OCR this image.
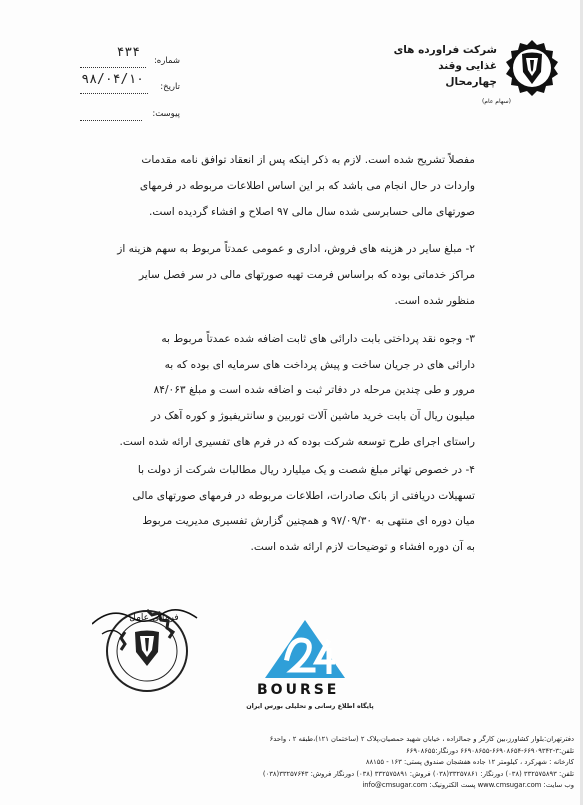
شرکت فراورده های
غذایی وقند
چهارمحال
(سهام عام)
شماره:
تاریخ:
پیوست:
۴۳۴
۹۸/۰۴/۱۰

مفصلاً تشریح شده است. لازم به ذکر اینکه پس از انعقاد توافق نامه مقدمات

واردات در حال انجام می باشد که بر این اساس اطلاعات مربوطه در فرمهای

صورتهای مالی حسابرسی شده سال مالی ۹۷ اصلاح و افشاء گردیده است.

۲- مبلغ سایر در هزینه های فروش، اداری و عمومی عمدتاً مربوط به سهم هزینه از

مراکز خدماتی بوده که براساس فرمت تهیه صورتهای مالی در سر فصل سایر

منظور شده است.

۳- وجوه نقد پرداختی بابت دارائی های ثابت اضافه شده عمدتاً مربوط به

دارائی های در جریان ساخت و پیش پرداخت های سرمایه ای بوده که به

مرور و طی چندین مرحله در دفاتر ثبت و اضافه شده است و مبلغ ۸۴/۰۶۳

میلیون ریال آن بابت خرید ماشین آلات توربین و سانتریفیوژ و کوره آهک در

راستای اجرای طرح توسعه شرکت بوده که در فرم های تفسیری ارائه شده است.

۴- در خصوص تهاتر مبلغ شصت و یک میلیارد ریال مطالبات شرکت از دولت با

تسهیلات دریافتی از بانک صادرات، اطلاعات مربوطه در فرمهای صورتهای مالی

میان دوره ای منتهی به ۹۷/۰۹/۳۰ و همچنین گزارش تفسیری مدیریت مربوط

به آن دوره افشاء و توضیحات لازم ارائه شده است.

فرمانی عامل
BOURSE
پایگاه اطلاع رسانی و تحلیلی بورس ایران
دفترتهران:بلوار کشاورز،بین کارگر و جمالزاده ، خیابان شهید حمصیان،پلاک ۲ (ساختمان ۱۲۱)،طبقه ۲ ، واحد۶
تلفن:۳-۶۶۹۰۹۳۴۲-۶۶۹۰۸۶۵۴-۶۶۹۰۸۶۵۵ دورنگار:۶۶۹۰۸۶۵۵
کارخانه : شهرکرد ، کیلومتر ۱۲ جاده هفشجان صندوق پستی: ۱۶۳ - ۸۸۱۵۵
تلفن: ۳۳۲۵۷۵۸۹۳ (۰۳۸) دورنگار: ۳۳۲۵۷۸۶۱(۰۳۸) فروش: ۳۳۲۵۷۵۸۹۱ (۰۳۸) دورنگار فروش: ۳۳۲۵۷۶۴۳(۰۳۸)
وب سایت: www.cmsugar.com پست الکترونیک: info@cmsugar.com
